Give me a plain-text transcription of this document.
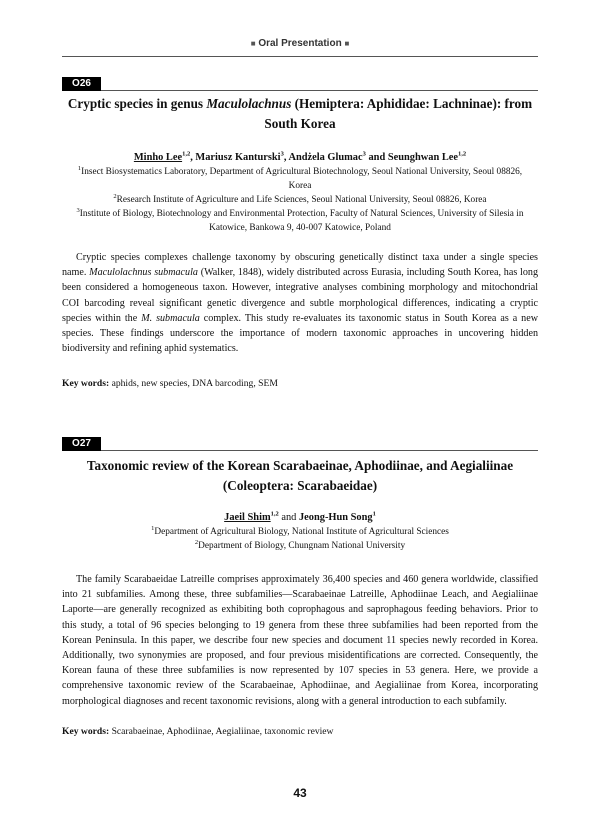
■ Oral Presentation ■
O26
Cryptic species in genus Maculolachnus (Hemiptera: Aphididae: Lachninae): from South Korea
Minho Lee$^{1,2}$, Mariusz Kanturski$^3$, Andżela Glumac$^3$ and Seunghwan Lee$^{1,2}$
$^1$Insect Biosystematics Laboratory, Department of Agricultural Biotechnology, Seoul National University, Seoul 08826, Korea
$^2$Research Institute of Agriculture and Life Sciences, Seoul National University, Seoul 08826, Korea
$^3$Institute of Biology, Biotechnology and Environmental Protection, Faculty of Natural Sciences, University of Silesia in Katowice, Bankowa 9, 40-007 Katowice, Poland

Cryptic species complexes challenge taxonomy by obscuring genetically distinct taxa under a single species name. Maculolachnus submacula (Walker, 1848), widely distributed across Eurasia, including South Korea, has long been considered a homogeneous taxon. However, integrative analyses combining morphology and mitochondrial COI barcoding reveal significant genetic divergence and subtle morphological differences, indicating a cryptic species within the M. submacula complex. This study re-evaluates its taxonomic status in South Korea as a new species. These findings underscore the importance of modern taxonomic approaches in uncovering hidden biodiversity and refining aphid systematics.

Key words: aphids, new species, DNA barcoding, SEM
O27
Taxonomic review of the Korean Scarabaeinae, Aphodiinae, and Aegialiinae (Coleoptera: Scarabaeidae)
Jaeil Shim$^{1,2}$ and Jeong-Hun Song$^1$
$^1$Department of Agricultural Biology, National Institute of Agricultural Sciences
$^2$Department of Biology, Chungnam National University

The family Scarabaeidae Latreille comprises approximately 36,400 species and 460 genera worldwide, classified into 21 subfamilies. Among these, three subfamilies—Scarabaeinae Latreille, Aphodiinae Leach, and Aegialiinae Laporte—are generally recognized as exhibiting both coprophagous and saprophagous feeding behaviors. Prior to this study, a total of 96 species belonging to 19 genera from these three subfamilies had been reported from the Korean Peninsula. In this paper, we describe four new species and document 11 species newly recorded in Korea. Additionally, two synonymies are proposed, and four previous misidentifications are corrected. Consequently, the Korean fauna of these three subfamilies is now represented by 107 species in 53 genera. Here, we provide a comprehensive taxonomic review of the Scarabaeinae, Aphodiinae, and Aegialiinae from Korea, incorporating morphological diagnoses and recent taxonomic revisions, along with a general introduction to each subfamily.

Key words: Scarabaeinae, Aphodiinae, Aegialiinae, taxonomic review
43
